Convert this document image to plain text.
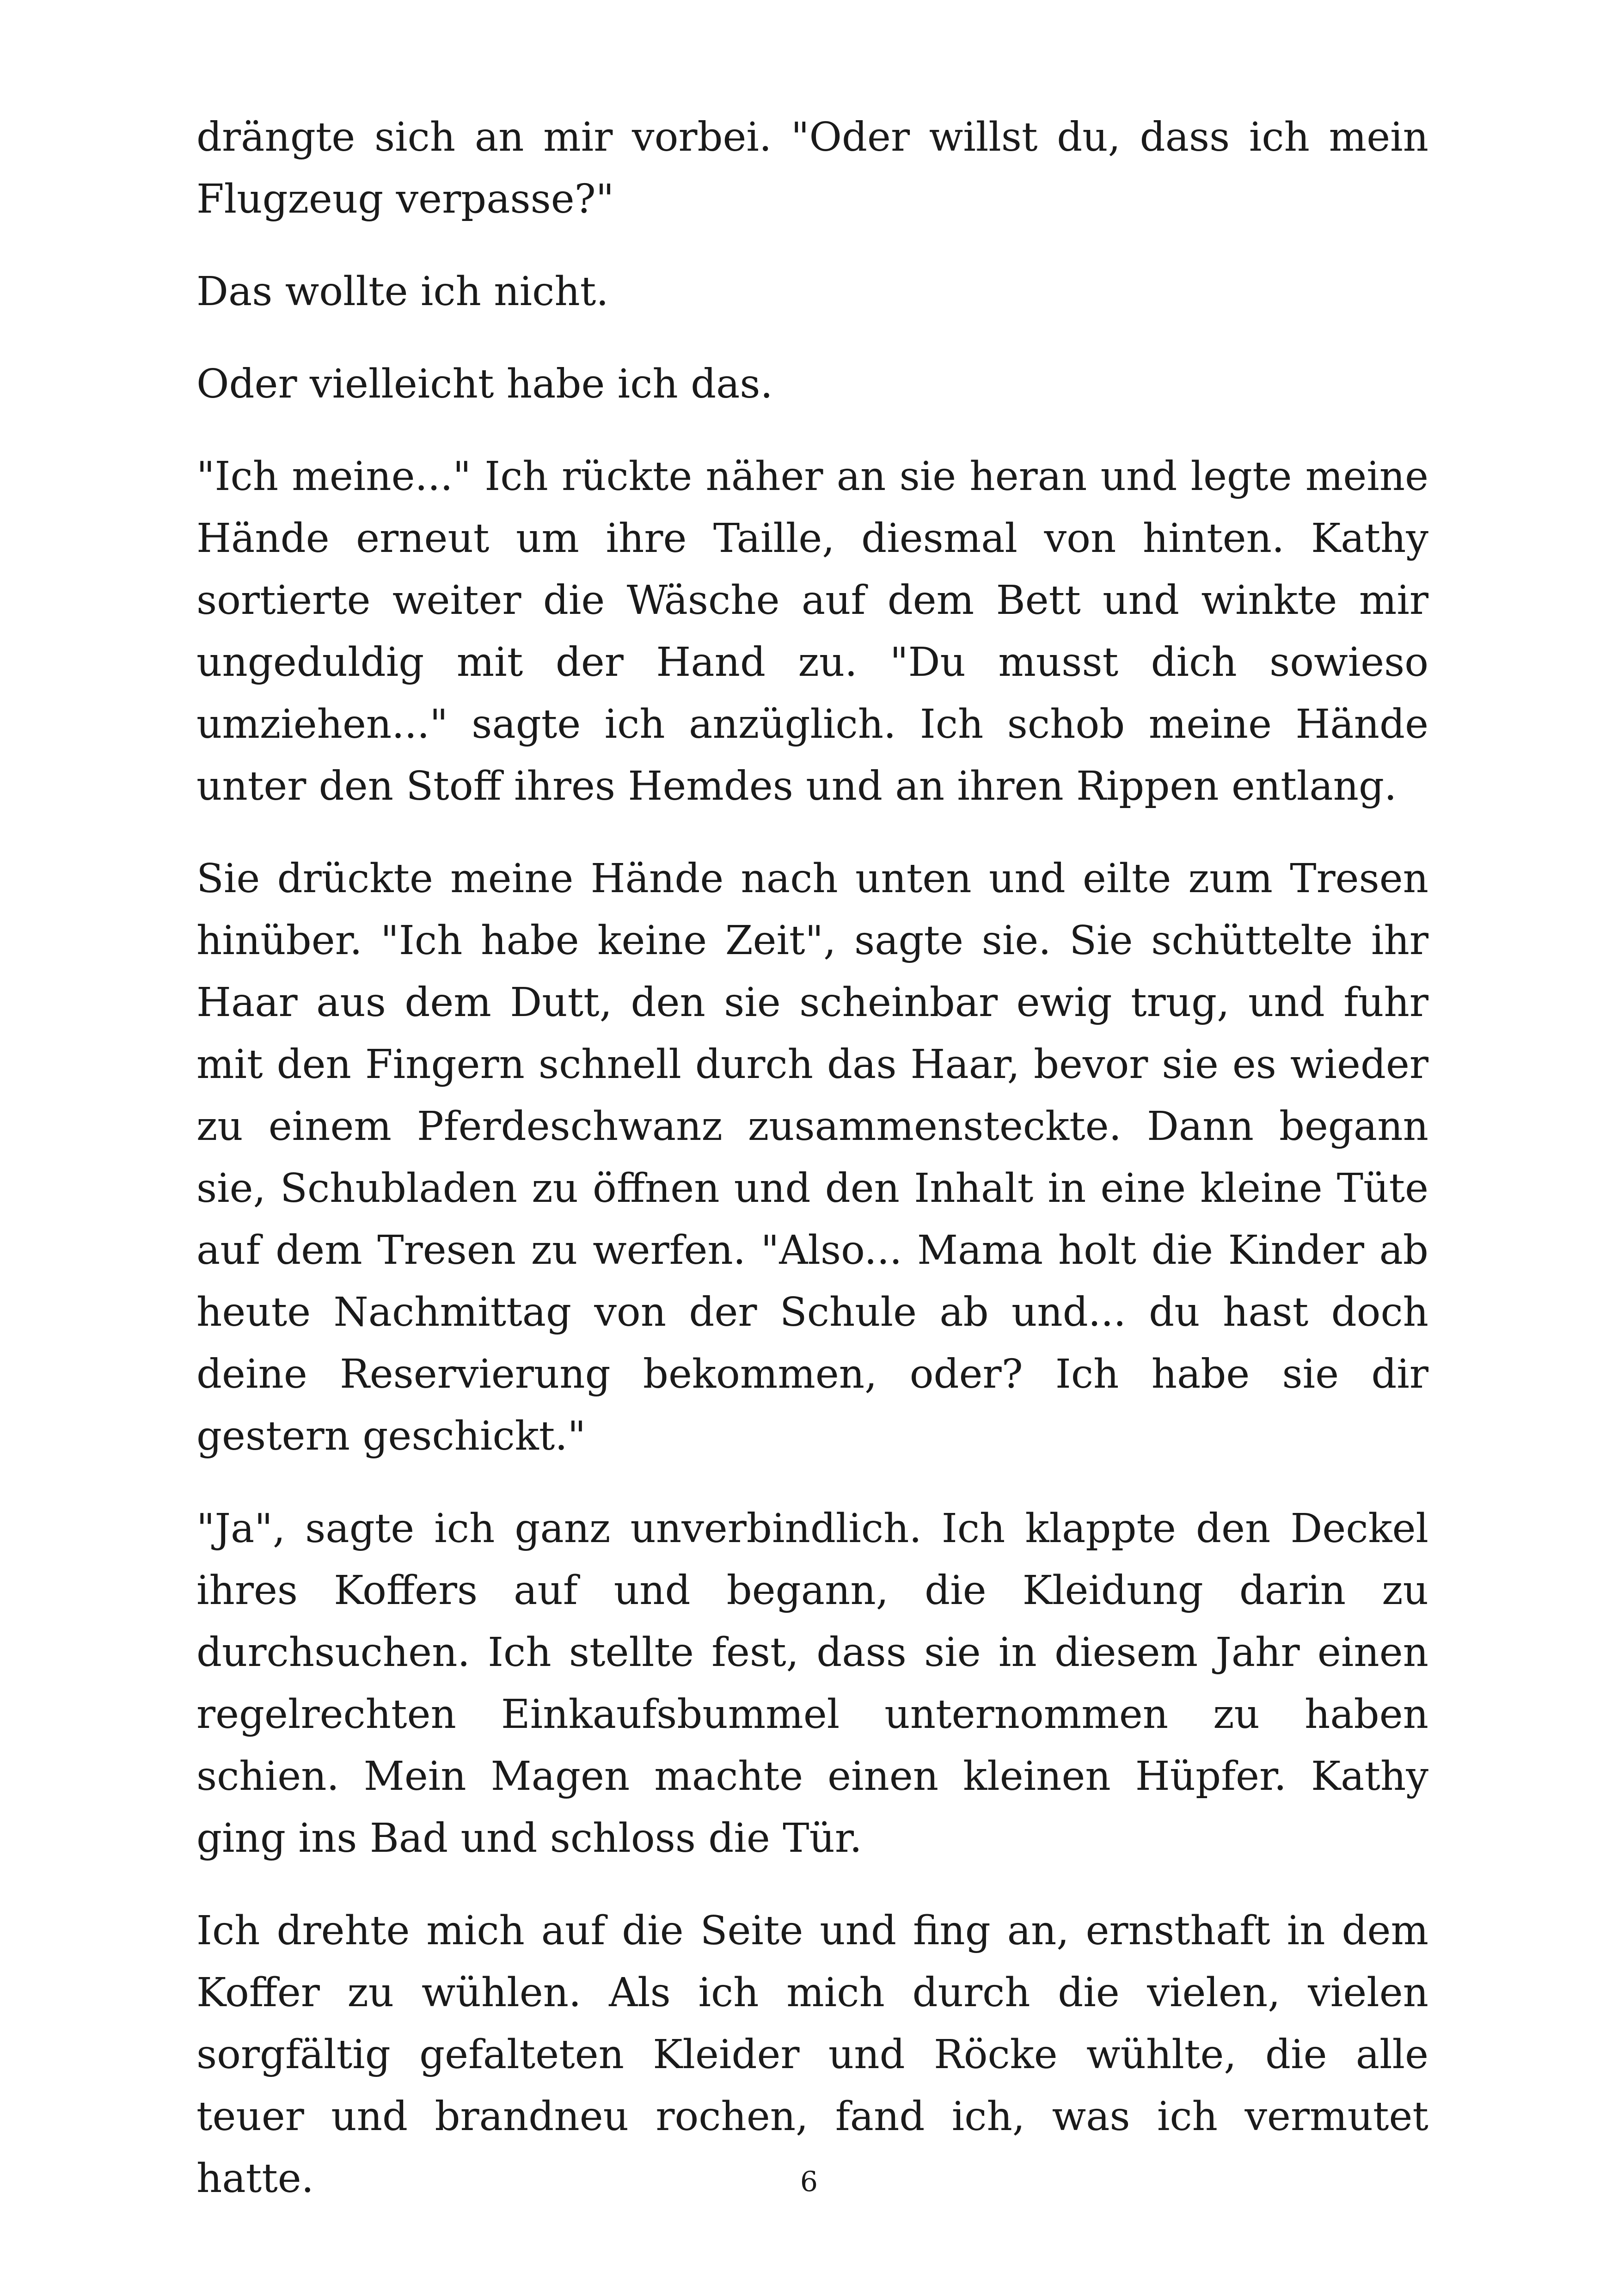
drängte sich an mir vorbei. "Oder willst du, dass ich mein Flugzeug verpasse?"

Das wollte ich nicht.

Oder vielleicht habe ich das.

"Ich meine..." Ich rückte näher an sie heran und legte meine Hände erneut um ihre Taille, diesmal von hinten. Kathy sortierte weiter die Wäsche auf dem Bett und winkte mir ungeduldig mit der Hand zu. "Du musst dich sowieso umziehen..." sagte ich anzüglich. Ich schob meine Hände unter den Stoff ihres Hemdes und an ihren Rippen entlang.

Sie drückte meine Hände nach unten und eilte zum Tresen hinüber. "Ich habe keine Zeit", sagte sie. Sie schüttelte ihr Haar aus dem Dutt, den sie scheinbar ewig trug, und fuhr mit den Fingern schnell durch das Haar, bevor sie es wieder zu einem Pferdeschwanz zusammensteckte. Dann begann sie, Schubladen zu öffnen und den Inhalt in eine kleine Tüte auf dem Tresen zu werfen. "Also... Mama holt die Kinder ab heute Nachmittag von der Schule ab und... du hast doch deine Reservierung bekommen, oder? Ich habe sie dir gestern geschickt."

"Ja", sagte ich ganz unverbindlich. Ich klappte den Deckel ihres Koffers auf und begann, die Kleidung darin zu durchsuchen. Ich stellte fest, dass sie in diesem Jahr einen regelrechten Einkaufsbummel unternommen zu haben schien. Mein Magen machte einen kleinen Hüpfer. Kathy ging ins Bad und schloss die Tür.

Ich drehte mich auf die Seite und fing an, ernsthaft in dem Koffer zu wühlen. Als ich mich durch die vielen, vielen sorgfältig gefalteten Kleider und Röcke wühlte, die alle teuer und brandneu rochen, fand ich, was ich vermutet hatte.	6
